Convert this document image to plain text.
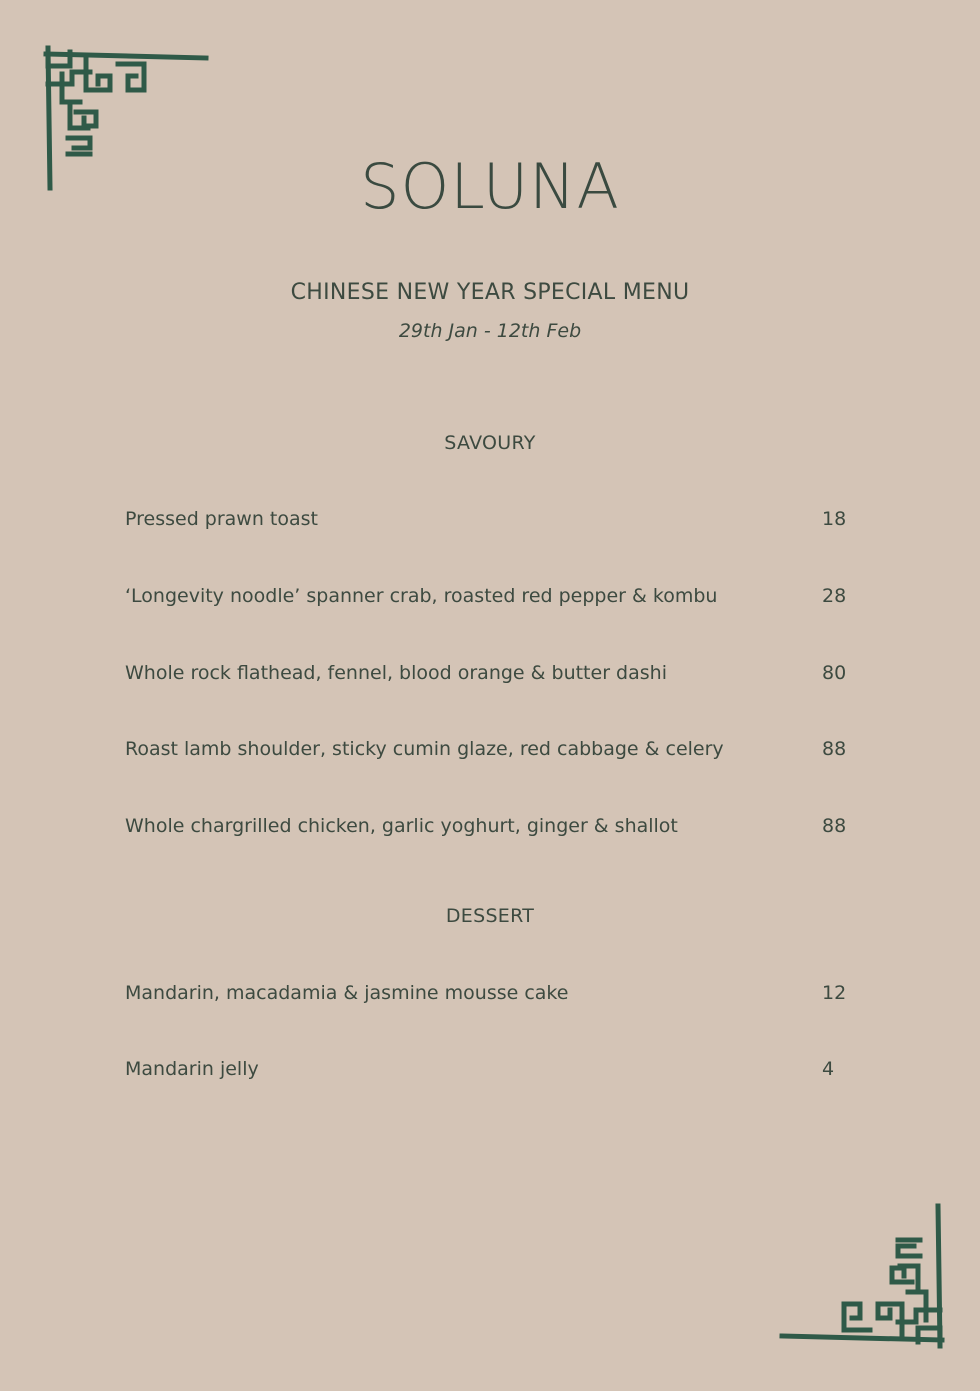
SOLUNA
CHINESE NEW YEAR SPECIAL MENU
29th Jan - 12th Feb
SAVOURY
Pressed prawn toast	18
‘Longevity noodle’ spanner crab, roasted red pepper & kombu	28
Whole rock flathead, fennel, blood orange & butter dashi	80
Roast lamb shoulder, sticky cumin glaze, red cabbage & celery	88
Whole chargrilled chicken, garlic yoghurt, ginger & shallot	88
DESSERT
Mandarin, macadamia & jasmine mousse cake	12
Mandarin jelly	4
